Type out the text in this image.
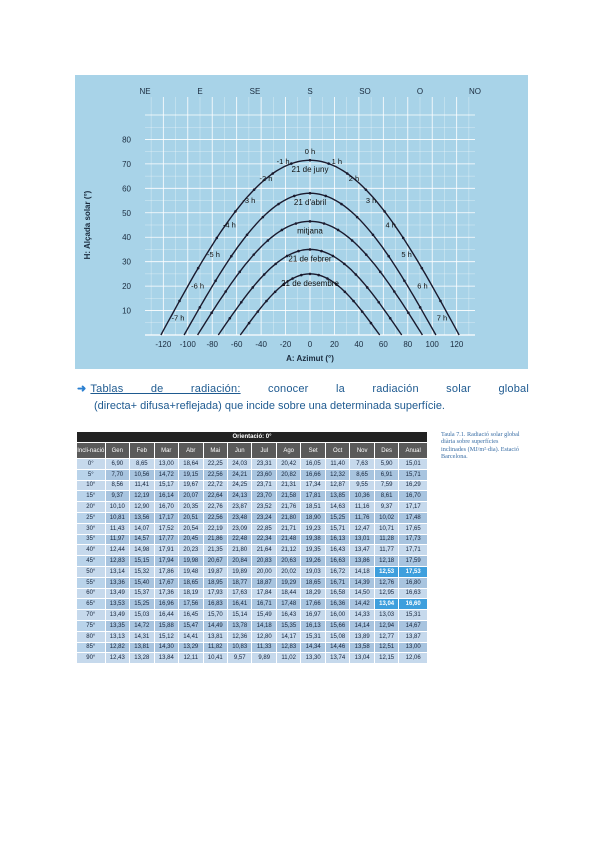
NE	E	SE	S	SO	O	NO
10
20
30
40
50
60
70
80
-120 -100 -80 -60 -40 -20 0 20 40 60 80 100 120
A: Azimut (°)
H: Alçada solar (°)
21 de juny
21 d'abril
mitjana
21 de febrer
21 de desembre
0 h
-1 h	1 h
-2 h	2 h
-3 h	3 h
-4 h	4 h
-5 h	5 h
-6 h	6 h
-7 h	7 h
➜ Tablas de radiación: conocer la radiación solar global
(directa+ difusa+reflejada) que incide sobre una determinada superfície.
Orientació: 0°													
Incli-nació	Gen	Feb	Mar	Abr	Mai	Jun	Jul	Ago	Set	Oct	Nov	Des	Anual
0°	6,90	8,65	13,00	18,64	22,25	24,03	23,31	20,42	16,05	11,40	7,63	5,90	15,01
5°	7,70	10,56	14,72	19,15	22,56	24,21	23,60	20,82	16,66	12,32	8,65	6,91	15,71
10°	8,56	11,41	15,17	19,67	22,72	24,25	23,71	21,31	17,34	12,87	9,55	7,59	16,29
15°	9,37	12,19	16,14	20,07	22,64	24,13	23,70	21,58	17,81	13,85	10,36	8,61	16,70
20°	10,10	12,90	16,70	20,35	22,76	23,87	23,52	21,76	18,51	14,63	11,16	9,37	17,17
25°	10,81	13,56	17,17	20,51	22,56	23,48	23,24	21,80	18,90	15,25	11,76	10,02	17,48
30°	11,43	14,07	17,52	20,54	22,19	23,09	22,85	21,71	19,23	15,71	12,47	10,71	17,65
35°	11,97	14,57	17,77	20,45	21,86	22,48	22,34	21,48	19,38	16,13	13,01	11,28	17,73
40°	12,44	14,98	17,91	20,23	21,35	21,80	21,64	21,12	19,35	16,43	13,47	11,77	17,71
45°	12,83	15,15	17,94	19,98	20,67	20,84	20,83	20,63	19,26	16,63	13,86	12,18	17,59
50°	13,14	15,32	17,86	19,48	19,87	19,89	20,00	20,02	19,03	16,72	14,18	12,53	17,53
55°	13,36	15,40	17,67	18,65	18,95	18,77	18,87	19,29	18,65	16,71	14,39	12,76	16,80
60°	13,49	15,37	17,36	18,19	17,93	17,63	17,84	18,44	18,29	16,58	14,50	12,95	16,63
65°	13,53	15,25	16,96	17,56	16,83	16,41	16,71	17,48	17,66	16,36	14,42	13,04	16,60
70°	13,49	15,03	16,44	16,45	15,70	15,14	15,49	16,43	16,97	16,00	14,33	13,03	15,31
75°	13,35	14,72	15,88	15,47	14,49	13,78	14,18	15,35	16,13	15,66	14,14	12,94	14,67
80°	13,13	14,31	15,12	14,41	13,81	12,36	12,80	14,17	15,31	15,08	13,89	12,77	13,87
85°	12,82	13,81	14,30	13,29	11,82	10,83	11,33	12,83	14,34	14,46	13,58	12,51	13,00
90°	12,43	13,28	13,84	12,11	10,41	9,57	9,89	11,02	13,30	13,74	13,04	12,15	12,06
Taula 7.1. Radiació solar global diària sobre superfícies inclinades (MJ/m²·dia). Estació Barcelona.
